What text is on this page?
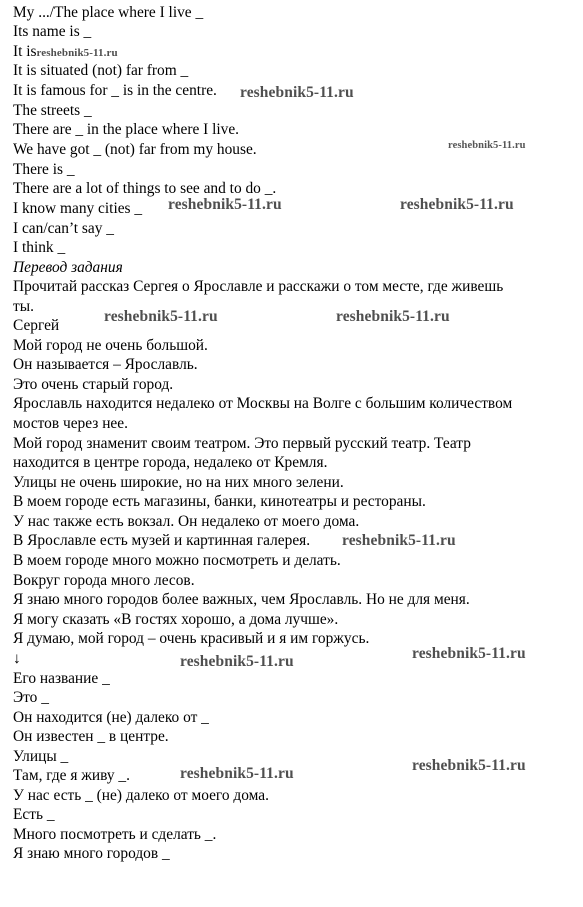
My .../The place where I live _
Its name is _
It isreshebnik5-11.ru
It is situated (not) far from _
It is famous for _ is in the centre.
The streets _
There are _ in the place where I live.
We have got _ (not) far from my house.
There is _
There are a lot of things to see and to do _.
I know many cities _
I can/can’t say _
I think _
Перевод задания
Прочитай рассказ Сергея о Ярославле и расскажи о том месте, где живешь
ты.
Сергей
Мой город не очень большой.
Он называется – Ярославль.
Это очень старый город.
Ярославль находится недалеко от Москвы на Волге с большим количеством
мостов через нее.
Мой город знаменит своим театром. Это первый русский театр. Театр
находится в центре города, недалеко от Кремля.
Улицы не очень широкие, но на них много зелени.
В моем городе есть магазины, банки, кинотеатры и рестораны.
У нас также есть вокзал. Он недалеко от моего дома.
В Ярославле есть музей и картинная галерея.
В моем городе много можно посмотреть и делать.
Вокруг города много лесов.
Я знаю много городов более важных, чем Ярославль. Но не для меня.
Я могу сказать «В гостях хорошо, а дома лучше».
Я думаю, мой город – очень красивый и я им горжусь.
↓
Его название _
Это _
Он находится (не) далеко от _
Он известен _ в центре.
Улицы _
Там, где я живу _.
У нас есть _ (не) далеко от моего дома.
Есть _
Много посмотреть и сделать _.
Я знаю много городов _
reshebnik5-11.ru
reshebnik5-11.ru	reshebnik5-11.ru
reshebnik5-11.ru
reshebnik5-11.ru	reshebnik5-11.ru
reshebnik5-11.ru
reshebnik5-11.ru	reshebnik5-11.ru
reshebnik5-11.ru	reshebnik5-11.ru
